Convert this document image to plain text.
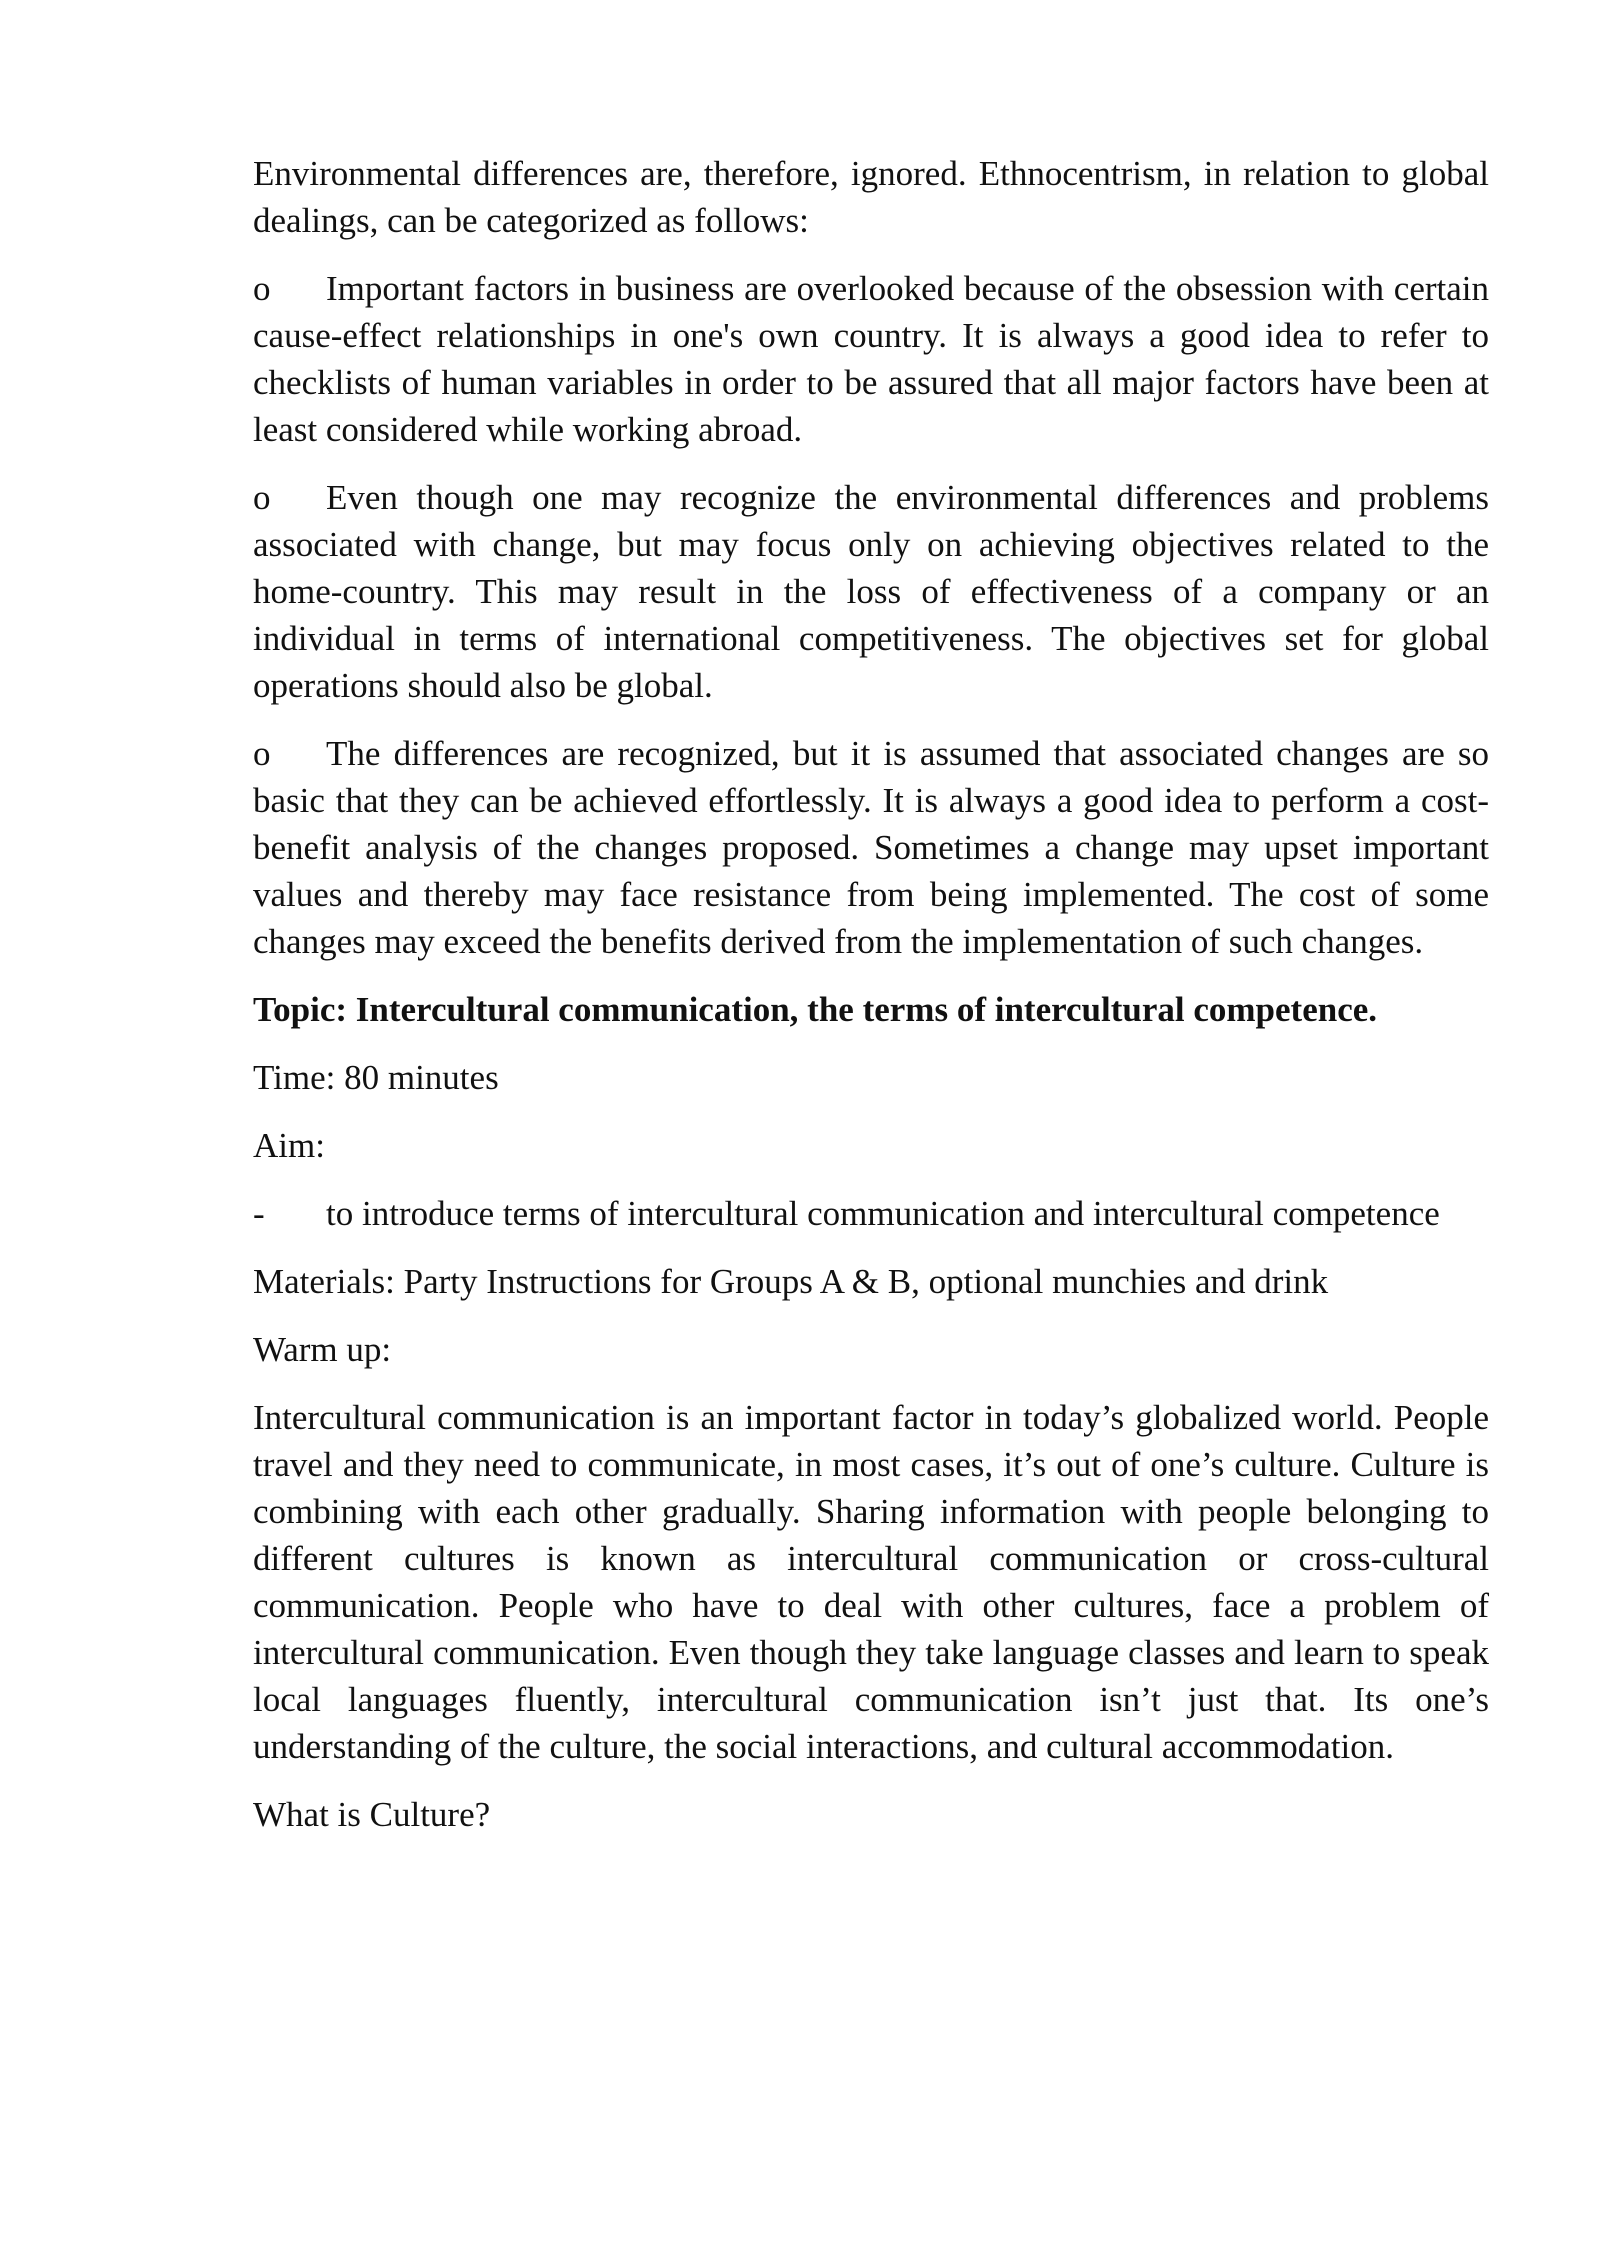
Environmental differences are, therefore, ignored. Ethnocentrism, in relation to global dealings, can be categorized as follows:

o Important factors in business are overlooked because of the obsession with certain cause-effect relationships in one's own country. It is always a good idea to refer to checklists of human variables in order to be assured that all major factors have been at least considered while working abroad.

o Even though one may recognize the environmental differences and problems associated with change, but may focus only on achieving objectives related to the home-country. This may result in the loss of effectiveness of a company or an individual in terms of international competitiveness. The objectives set for global operations should also be global.

o The differences are recognized, but it is assumed that associated changes are so basic that they can be achieved effortlessly. It is always a good idea to perform a cost-benefit analysis of the changes proposed. Sometimes a change may upset important values and thereby may face resistance from being implemented. The cost of some changes may exceed the benefits derived from the implementation of such changes.

Topic: Intercultural communication, the terms of intercultural competence.

Time: 80 minutes

Aim:

- to introduce terms of intercultural communication and intercultural competence

Materials: Party Instructions for Groups A & B, optional munchies and drink

Warm up:

Intercultural communication is an important factor in today’s globalized world. People travel and they need to communicate, in most cases, it’s out of one’s culture. Culture is combining with each other gradually. Sharing information with people belonging to different cultures is known as intercultural communication or cross-cultural communication. People who have to deal with other cultures, face a problem of intercultural communication. Even though they take language classes and learn to speak local languages fluently, intercultural communication isn’t just that. Its one’s understanding of the culture, the social interactions, and cultural accommodation.

What is Culture?
